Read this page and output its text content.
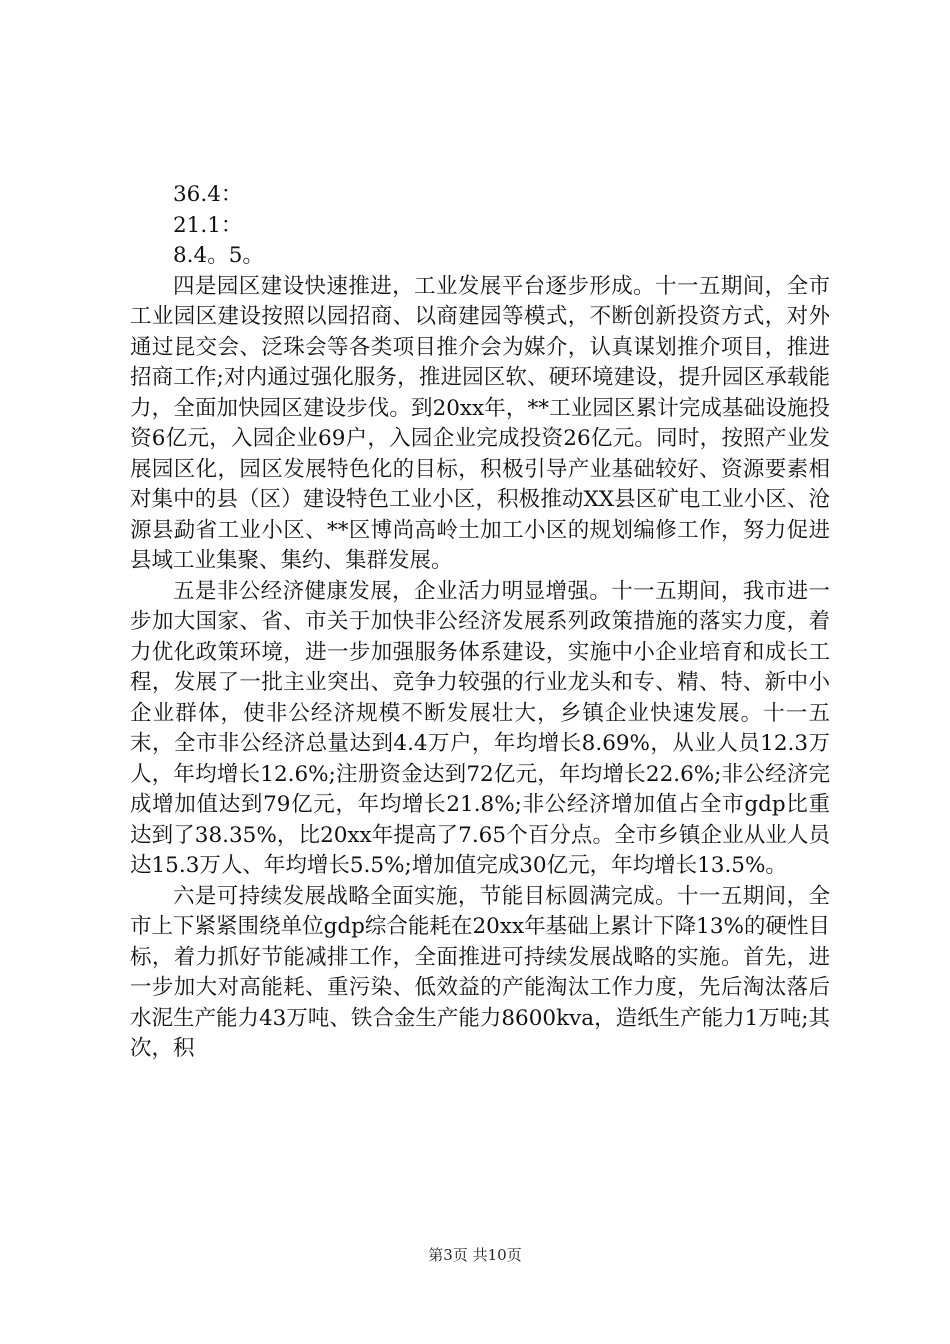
36.4：
21.1：
8.4。5。

四是园区建设快速推进，工业发展平台逐步形成。十一五期间，全市工业园区建设按照以园招商、以商建园等模式，不断创新投资方式，对外通过昆交会、泛珠会等各类项目推介会为媒介，认真谋划推介项目，推进招商工作;对内通过强化服务，推进园区软、硬环境建设，提升园区承载能力，全面加快园区建设步伐。到20xx年，**工业园区累计完成基础设施投资6亿元，入园企业69户，入园企业完成投资26亿元。同时，按照产业发展园区化，园区发展特色化的目标，积极引导产业基础较好、资源要素相对集中的县（区）建设特色工业小区，积极推动XX县区矿电工业小区、沧源县勐省工业小区、**区博尚高岭土加工小区的规划编修工作，努力促进县域工业集聚、集约、集群发展。

五是非公经济健康发展，企业活力明显增强。十一五期间，我市进一步加大国家、省、市关于加快非公经济发展系列政策措施的落实力度，着力优化政策环境，进一步加强服务体系建设，实施中小企业培育和成长工程，发展了一批主业突出、竞争力较强的行业龙头和专、精、特、新中小企业群体，使非公经济规模不断发展壮大，乡镇企业快速发展。十一五末，全市非公经济总量达到4.4万户，年均增长8.69%，从业人员12.3万人，年均增长12.6%;注册资金达到72亿元，年均增长22.6%;非公经济完成增加值达到79亿元，年均增长21.8%;非公经济增加值占全市gdp比重达到了38.35%，比20xx年提高了7.65个百分点。全市乡镇企业从业人员达15.3万人、年均增长5.5%;增加值完成30亿元，年均增长13.5%。

六是可持续发展战略全面实施，节能目标圆满完成。十一五期间，全市上下紧紧围绕单位gdp综合能耗在20xx年基础上累计下降13%的硬性目标，着力抓好节能减排工作，全面推进可持续发展战略的实施。首先，进一步加大对高能耗、重污染、低效益的产能淘汰工作力度，先后淘汰落后水泥生产能力43万吨、铁合金生产能力8600kva，造纸生产能力1万吨;其次，积

第3页 共10页
